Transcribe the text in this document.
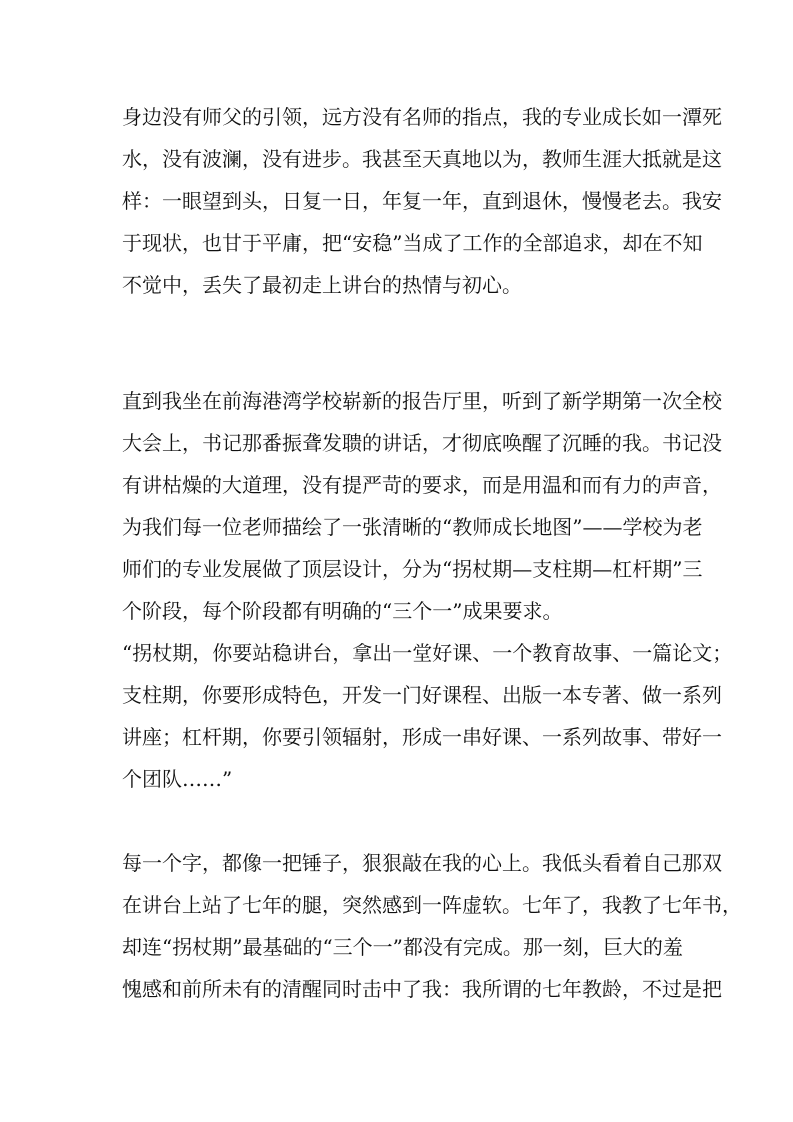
身边没有师父的引领，远方没有名师的指点，我的专业成长如一潭死
水，没有波澜，没有进步。我甚至天真地以为，教师生涯大抵就是这
样：一眼望到头，日复一日，年复一年，直到退休，慢慢老去。我安
于现状，也甘于平庸，把“安稳”当成了工作的全部追求，却在不知
不觉中，丢失了最初走上讲台的热情与初心。
直到我坐在前海港湾学校崭新的报告厅里，听到了新学期第一次全校
大会上，书记那番振聋发聩的讲话，才彻底唤醒了沉睡的我。书记没
有讲枯燥的大道理，没有提严苛的要求，而是用温和而有力的声音，
为我们每一位老师描绘了一张清晰的“教师成长地图”——学校为老
师们的专业发展做了顶层设计，分为“拐杖期—支柱期—杠杆期”三
个阶段，每个阶段都有明确的“三个一”成果要求。
“拐杖期，你要站稳讲台，拿出一堂好课、一个教育故事、一篇论文；
支柱期，你要形成特色，开发一门好课程、出版一本专著、做一系列
讲座；杠杆期，你要引领辐射，形成一串好课、一系列故事、带好一
个团队……”
每一个字，都像一把锤子，狠狠敲在我的心上。我低头看着自己那双
在讲台上站了七年的腿，突然感到一阵虚软。七年了，我教了七年书，
却连“拐杖期”最基础的“三个一”都没有完成。那一刻，巨大的羞
愧感和前所未有的清醒同时击中了我：我所谓的七年教龄，不过是把
